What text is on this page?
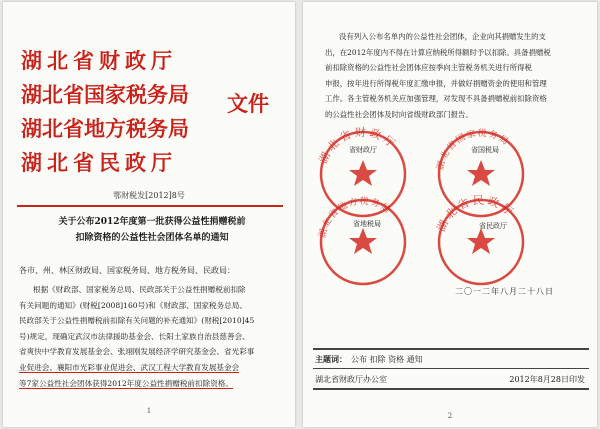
湖北省财政厅
湖北省国家税务局
湖北省地方税务局
湖北省民政厅
文件
鄂财税发[2012]8号
关于公布2012年度第一批获得公益性捐赠税前
扣除资格的公益性社会团体名单的通知
各市、州、林区财政局、国家税务局、地方税务局、民政局：
根据《财政部、国家税务总局、民政部关于公益性捐赠税前扣除
有关问题的通知》(财税[2008]160号)和《财政部、国家税务总局、
民政部关于公益性捐赠税前扣除有关问题的补充通知》(财税[2010]45
号)规定，现确定武汉市法律援助基金会、长阳土家族自治县慈善会、
省爽快中学教育发展基金会、张翊刚发展经济学研究基金会、省光彩事
业促进会、襄阳市光彩事业促进会、武汉工程大学教育发展基金会
等7家公益性社会团体获得2012年度公益性捐赠税前扣除资格。
1
没有列入公布名单内的公益性社会团体，企业向其捐赠发生的支
出，在2012年度内不得在计算应纳税所得额时予以扣除。具备捐赠税
前扣除资格的公益性社会团体应按季向主管税务机关进行所得税
申报，按年进行所得税年度汇缴申报，并做好捐赠资金的使用和管理
工作。各主管税务机关应加强管理，对发现不具备捐赠税前扣除资格
的公益性社会团体及时向省级财政部门报告。
湖北省财政厅
省财政厅
湖北省国家税务局
省国税局
湖北省地方税务局
省地税局	湖北省民政厅
省民政厅
二〇一二年八月二十八日
主题词： 公布 扣除 资格 通知
湖北省财政厅办公室	2012年8月28日印发
2
